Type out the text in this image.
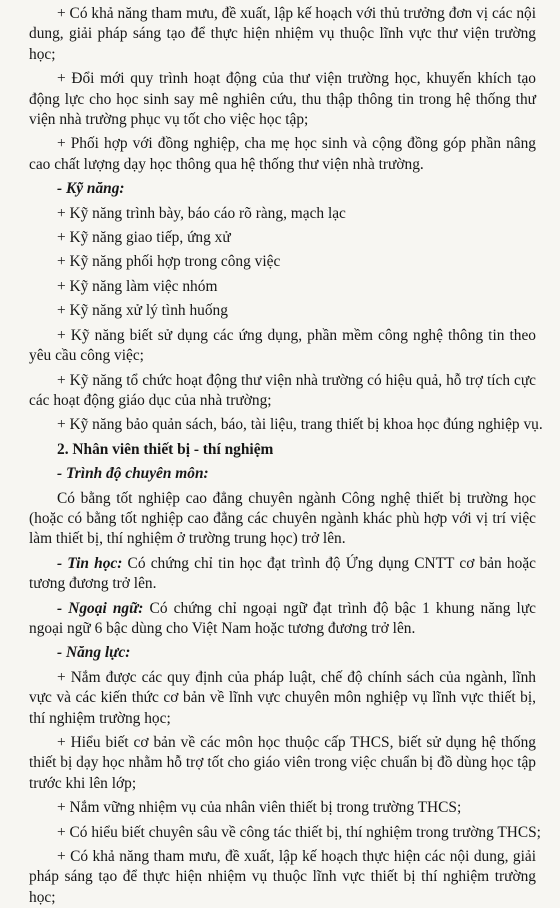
+ Có khả năng tham mưu, đề xuất, lập kế hoạch với thủ trưởng đơn vị các nội dung, giải pháp sáng tạo để thực hiện nhiệm vụ thuộc lĩnh vực thư viện trường học;

+ Đổi mới quy trình hoạt động của thư viện trường học, khuyến khích tạo động lực cho học sinh say mê nghiên cứu, thu thập thông tin trong hệ thống thư viện nhà trường phục vụ tốt cho việc học tập;

+ Phối hợp với đồng nghiệp, cha mẹ học sinh và cộng đồng góp phần nâng cao chất lượng dạy học thông qua hệ thống thư viện nhà trường.

- Kỹ năng:

+ Kỹ năng trình bày, báo cáo rõ ràng, mạch lạc

+ Kỹ năng giao tiếp, ứng xử

+ Kỹ năng phối hợp trong công việc

+ Kỹ năng làm việc nhóm

+ Kỹ năng xử lý tình huống

+ Kỹ năng biết sử dụng các ứng dụng, phần mềm công nghệ thông tin theo yêu cầu công việc;

+ Kỹ năng tổ chức hoạt động thư viện nhà trường có hiệu quả, hỗ trợ tích cực các hoạt động giáo dục của nhà trường;

+ Kỹ năng bảo quản sách, báo, tài liệu, trang thiết bị khoa học đúng nghiệp vụ.

2. Nhân viên thiết bị - thí nghiệm

- Trình độ chuyên môn:

Có bằng tốt nghiệp cao đẳng chuyên ngành Công nghệ thiết bị trường học (hoặc có bằng tốt nghiệp cao đẳng các chuyên ngành khác phù hợp với vị trí việc làm thiết bị, thí nghiệm ở trường trung học) trở lên.

- Tin học: Có chứng chỉ tin học đạt trình độ Ứng dụng CNTT cơ bản hoặc tương đương trở lên.

- Ngoại ngữ: Có chứng chỉ ngoại ngữ đạt trình độ bậc 1 khung năng lực ngoại ngữ 6 bậc dùng cho Việt Nam hoặc tương đương trở lên.

- Năng lực:

+ Nắm được các quy định của pháp luật, chế độ chính sách của ngành, lĩnh vực và các kiến thức cơ bản về lĩnh vực chuyên môn nghiệp vụ lĩnh vực thiết bị, thí nghiệm trường học;

+ Hiểu biết cơ bản về các môn học thuộc cấp THCS, biết sử dụng hệ thống thiết bị dạy học nhằm hỗ trợ tốt cho giáo viên trong việc chuẩn bị đồ dùng học tập trước khi lên lớp;

+ Nắm vững nhiệm vụ của nhân viên thiết bị trong trường THCS;

+ Có hiểu biết chuyên sâu về công tác thiết bị, thí nghiệm trong trường THCS;

+ Có khả năng tham mưu, đề xuất, lập kế hoạch thực hiện các nội dung, giải pháp sáng tạo để thực hiện nhiệm vụ thuộc lĩnh vực thiết bị thí nghiệm trường học;
